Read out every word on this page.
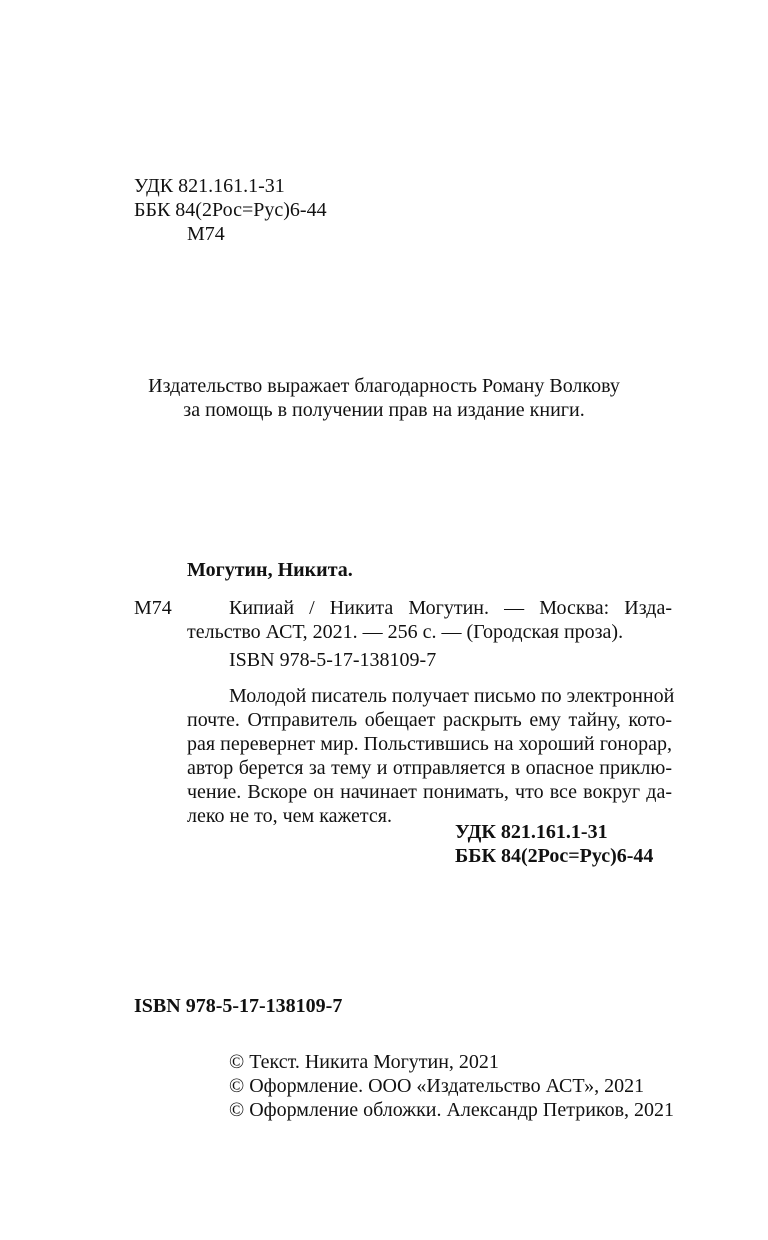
УДК 821.161.1-31
ББК 84(2Рос=Рус)6-44
М74
Издательство выражает благодарность Роману Волкову
за помощь в получении прав на издание книги.
Могутин, Никита.
М74	Кипиай / Никита Могутин. — Москва: Изда-
тельство АСТ, 2021. — 256 с. — (Городская проза).
ISBN 978-5-17-138109-7
Молодой писатель получает письмо по электронной
почте. Отправитель обещает раскрыть ему тайну, кото-
рая перевернет мир. Польстившись на хороший гонорар,
автор берется за тему и отправляется в опасное приклю-
чение. Вскоре он начинает понимать, что все вокруг да-
леко не то, чем кажется.
УДК 821.161.1-31
ББК 84(2Рос=Рус)6-44
ISBN 978-5-17-138109-7
© Текст. Никита Могутин, 2021
© Оформление. ООО «Издательство АСТ», 2021
© Оформление обложки. Александр Петриков, 2021
